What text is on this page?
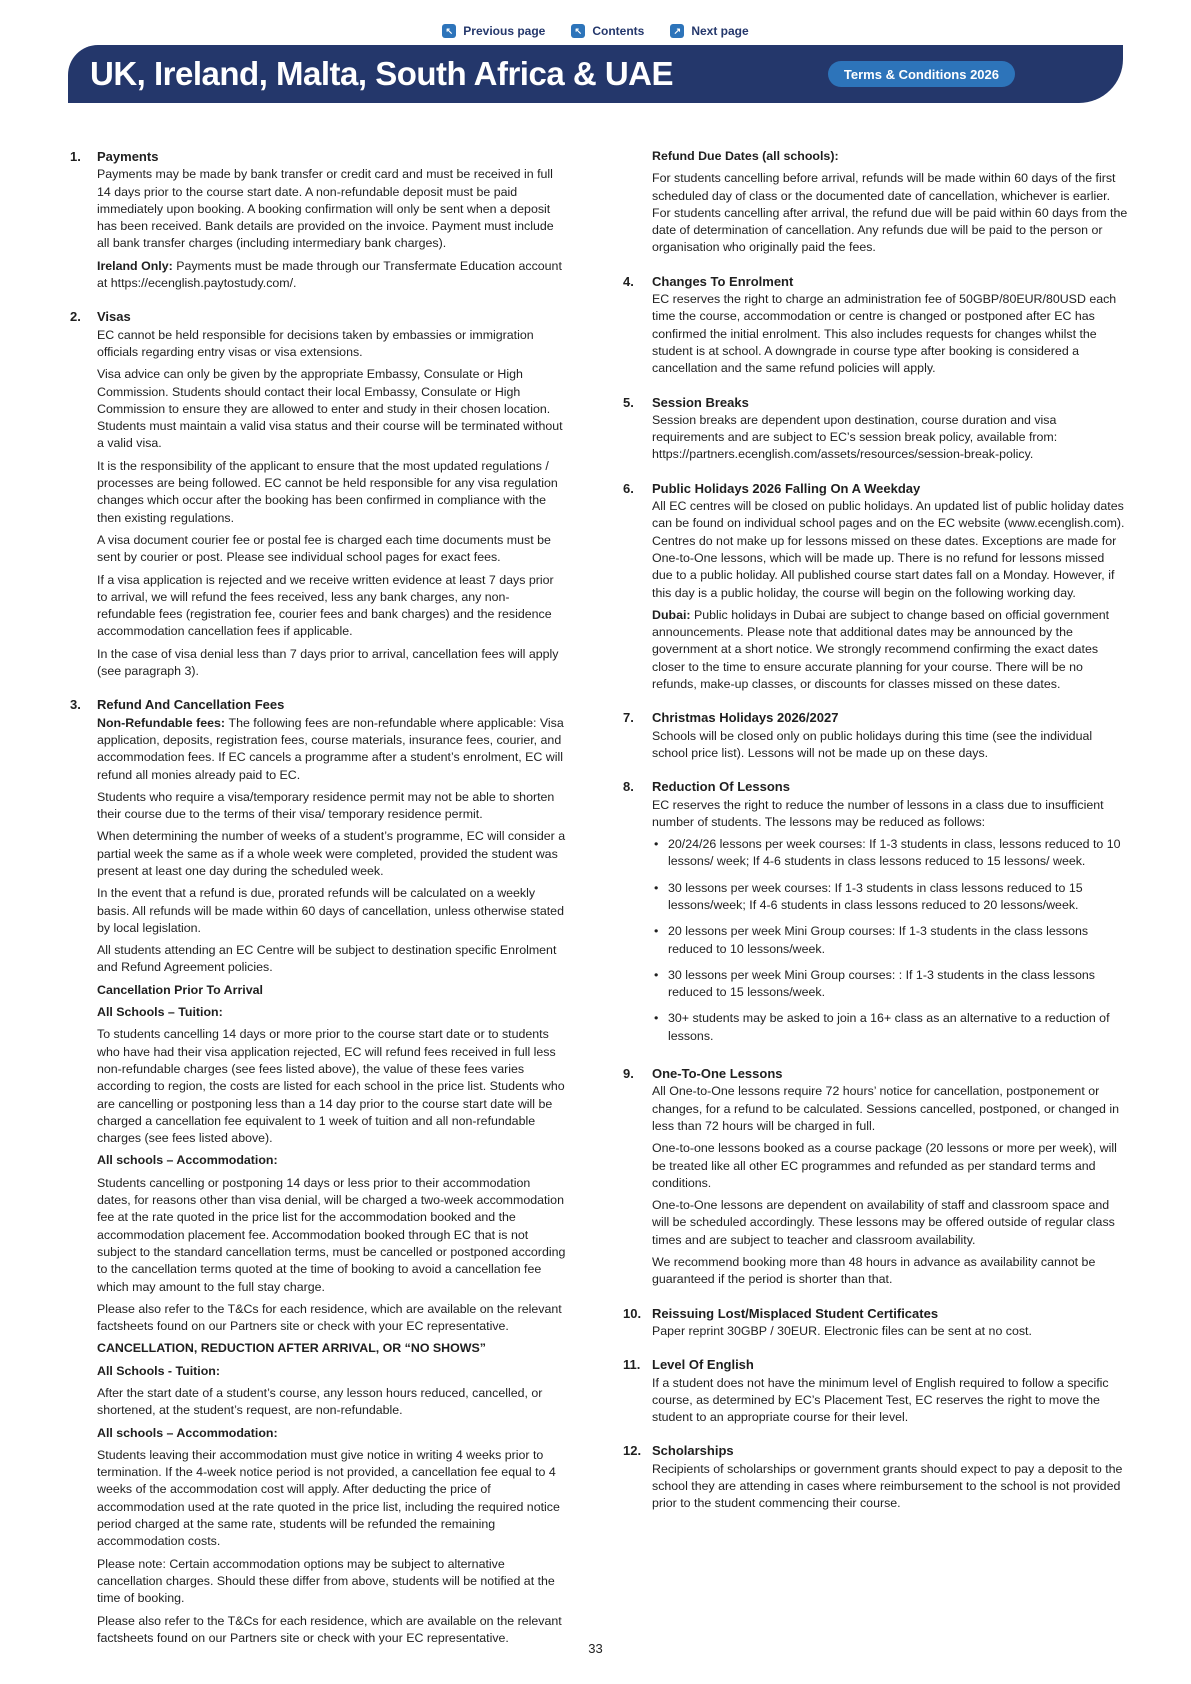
↖ Previous page	↖ Contents	↗ Next page
UK, Ireland, Malta, South Africa & UAE	Terms & Conditions 2026
1.	Payments

Payments may be made by bank transfer or credit card and must be received in full 14 days prior to the course start date. A non-refundable deposit must be paid immediately upon booking. A booking confirmation will only be sent when a deposit has been received. Bank details are provided on the invoice. Payment must include all bank transfer charges (including intermediary bank charges).

Ireland Only: Payments must be made through our Transfermate Education account at https://ecenglish.paytostudy.com/.

2.	Visas

EC cannot be held responsible for decisions taken by embassies or immigration officials regarding entry visas or visa extensions.

Visa advice can only be given by the appropriate Embassy, Consulate or High Commission. Students should contact their local Embassy, Consulate or High Commission to ensure they are allowed to enter and study in their chosen location. Students must maintain a valid visa status and their course will be terminated without a valid visa.

It is the responsibility of the applicant to ensure that the most updated regulations / processes are being followed. EC cannot be held responsible for any visa regulation changes which occur after the booking has been confirmed in compliance with the then existing regulations.

A visa document courier fee or postal fee is charged each time documents must be sent by courier or post. Please see individual school pages for exact fees.

If a visa application is rejected and we receive written evidence at least 7 days prior to arrival, we will refund the fees received, less any bank charges, any non-refundable fees (registration fee, courier fees and bank charges) and the residence accommodation cancellation fees if applicable.

In the case of visa denial less than 7 days prior to arrival, cancellation fees will apply (see paragraph 3).

3.	Refund And Cancellation Fees

Non-Refundable fees: The following fees are non-refundable where applicable: Visa application, deposits, registration fees, course materials, insurance fees, courier, and accommodation fees. If EC cancels a programme after a student’s enrolment, EC will refund all monies already paid to EC.

Students who require a visa/temporary residence permit may not be able to shorten their course due to the terms of their visa/ temporary residence permit.

When determining the number of weeks of a student’s programme, EC will consider a partial week the same as if a whole week were completed, provided the student was present at least one day during the scheduled week.

In the event that a refund is due, prorated refunds will be calculated on a weekly basis. All refunds will be made within 60 days of cancellation, unless otherwise stated by local legislation.

All students attending an EC Centre will be subject to destination specific Enrolment and Refund Agreement policies.

Cancellation Prior To Arrival

All Schools – Tuition:

To students cancelling 14 days or more prior to the course start date or to students who have had their visa application rejected, EC will refund fees received in full less non-refundable charges (see fees listed above), the value of these fees varies according to region, the costs are listed for each school in the price list. Students who are cancelling or postponing less than a 14 day prior to the course start date will be charged a cancellation fee equivalent to 1 week of tuition and all non-refundable charges (see fees listed above).

All schools – Accommodation:

Students cancelling or postponing 14 days or less prior to their accommodation dates, for reasons other than visa denial, will be charged a two-week accommodation fee at the rate quoted in the price list for the accommodation booked and the accommodation placement fee. Accommodation booked through EC that is not subject to the standard cancellation terms, must be cancelled or postponed according to the cancellation terms quoted at the time of booking to avoid a cancellation fee which may amount to the full stay charge.

Please also refer to the T&Cs for each residence, which are available on the relevant factsheets found on our Partners site or check with your EC representative.

CANCELLATION, REDUCTION AFTER ARRIVAL, OR “NO SHOWS”

All Schools - Tuition:

After the start date of a student’s course, any lesson hours reduced, cancelled, or shortened, at the student’s request, are non-refundable.

All schools – Accommodation:

Students leaving their accommodation must give notice in writing 4 weeks prior to termination. If the 4-week notice period is not provided, a cancellation fee equal to 4 weeks of the accommodation cost will apply. After deducting the price of accommodation used at the rate quoted in the price list, including the required notice period charged at the same rate, students will be refunded the remaining accommodation costs.

Please note: Certain accommodation options may be subject to alternative cancellation charges. Should these differ from above, students will be notified at the time of booking.

Please also refer to the T&Cs for each residence, which are available on the relevant factsheets found on our Partners site or check with your EC representative.

Refund Due Dates (all schools):

For students cancelling before arrival, refunds will be made within 60 days of the first scheduled day of class or the documented date of cancellation, whichever is earlier. For students cancelling after arrival, the refund due will be paid within 60 days from the date of determination of cancellation. Any refunds due will be paid to the person or organisation who originally paid the fees.

4.	Changes To Enrolment

EC reserves the right to charge an administration fee of 50GBP/80EUR/80USD each time the course, accommodation or centre is changed or postponed after EC has confirmed the initial enrolment. This also includes requests for changes whilst the student is at school. A downgrade in course type after booking is considered a cancellation and the same refund policies will apply.

5.	Session Breaks

Session breaks are dependent upon destination, course duration and visa requirements and are subject to EC’s session break policy, available from: https://partners.ecenglish.com/assets/resources/session-break-policy.

6.	Public Holidays 2026 Falling On A Weekday

All EC centres will be closed on public holidays. An updated list of public holiday dates can be found on individual school pages and on the EC website (www.ecenglish.com). Centres do not make up for lessons missed on these dates. Exceptions are made for One-to-One lessons, which will be made up. There is no refund for lessons missed due to a public holiday. All published course start dates fall on a Monday. However, if this day is a public holiday, the course will begin on the following working day.

Dubai: Public holidays in Dubai are subject to change based on official government announcements. Please note that additional dates may be announced by the government at a short notice. We strongly recommend confirming the exact dates closer to the time to ensure accurate planning for your course. There will be no refunds, make-up classes, or discounts for classes missed on these dates.

7.	Christmas Holidays 2026/2027

Schools will be closed only on public holidays during this time (see the individual school price list). Lessons will not be made up on these days.

8.	Reduction Of Lessons

EC reserves the right to reduce the number of lessons in a class due to insufficient number of students. The lessons may be reduced as follows:

• 20/24/26 lessons per week courses: If 1-3 students in class, lessons reduced to 10 lessons/ week; If 4-6 students in class lessons reduced to 15 lessons/ week.
• 30 lessons per week courses: If 1-3 students in class lessons reduced to 15 lessons/week; If 4-6 students in class lessons reduced to 20 lessons/week.
• 20 lessons per week Mini Group courses: If 1-3 students in the class lessons reduced to 10 lessons/week.
• 30 lessons per week Mini Group courses: : If 1-3 students in the class lessons reduced to 15 lessons/week.
• 30+ students may be asked to join a 16+ class as an alternative to a reduction of lessons.
9.	One-To-One Lessons

All One-to-One lessons require 72 hours’ notice for cancellation, postponement or changes, for a refund to be calculated. Sessions cancelled, postponed, or changed in less than 72 hours will be charged in full.

One-to-one lessons booked as a course package (20 lessons or more per week), will be treated like all other EC programmes and refunded as per standard terms and conditions.

One-to-One lessons are dependent on availability of staff and classroom space and will be scheduled accordingly. These lessons may be offered outside of regular class times and are subject to teacher and classroom availability.

We recommend booking more than 48 hours in advance as availability cannot be guaranteed if the period is shorter than that.

10. Reissuing Lost/Misplaced Student Certificates

Paper reprint 30GBP / 30EUR. Electronic files can be sent at no cost.

11. Level Of English

If a student does not have the minimum level of English required to follow a specific course, as determined by EC’s Placement Test, EC reserves the right to move the student to an appropriate course for their level.

12. Scholarships

Recipients of scholarships or government grants should expect to pay a deposit to the school they are attending in cases where reimbursement to the school is not provided prior to the student commencing their course.

33
